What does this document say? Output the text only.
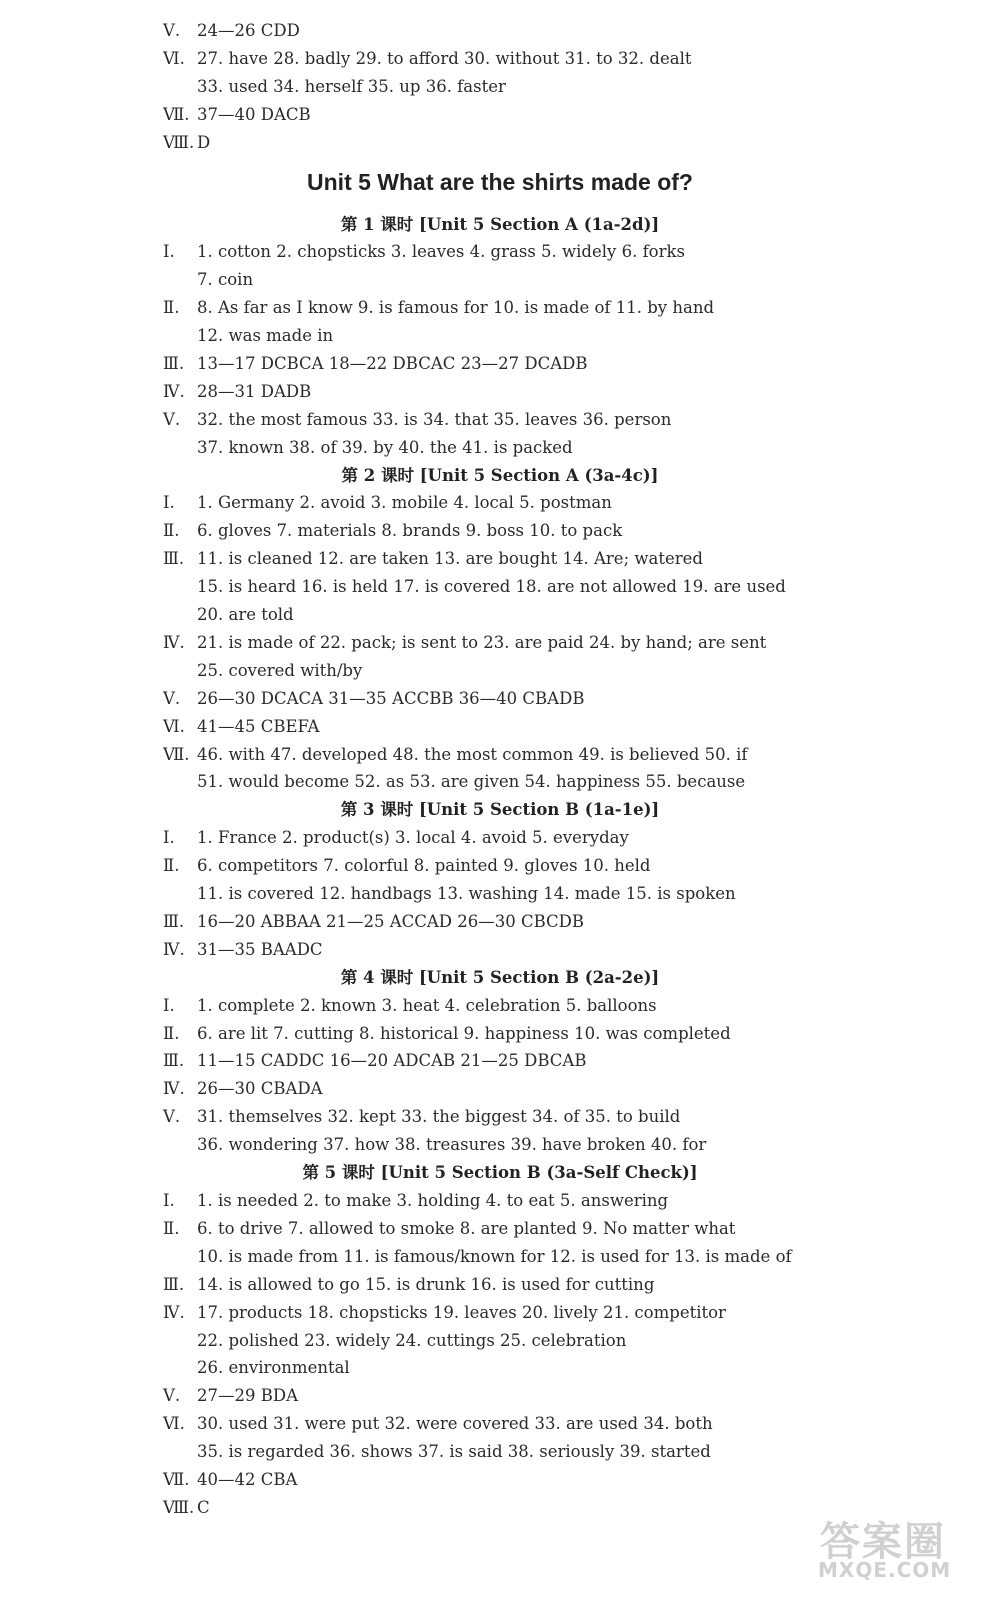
Ⅴ. 24—26 CDD
Ⅵ. 27. have 28. badly 29. to afford 30. without 31. to 32. dealt
33. used 34. herself 35. up 36. faster
Ⅶ. 37—40 DACB
Ⅷ. D
Unit 5 What are the shirts made of?
第 1 课时 [Unit 5 Section A (1a-2d)]
Ⅰ. 1. cotton 2. chopsticks 3. leaves 4. grass 5. widely 6. forks
7. coin
Ⅱ. 8. As far as I know 9. is famous for 10. is made of 11. by hand
12. was made in
Ⅲ. 13—17 DCBCA 18—22 DBCAC 23—27 DCADB
Ⅳ. 28—31 DADB
Ⅴ. 32. the most famous 33. is 34. that 35. leaves 36. person
37. known 38. of 39. by 40. the 41. is packed
第 2 课时 [Unit 5 Section A (3a-4c)]
Ⅰ. 1. Germany 2. avoid 3. mobile 4. local 5. postman
Ⅱ. 6. gloves 7. materials 8. brands 9. boss 10. to pack
Ⅲ. 11. is cleaned 12. are taken 13. are bought 14. Are; watered
15. is heard 16. is held 17. is covered 18. are not allowed 19. are used
20. are told
Ⅳ. 21. is made of 22. pack; is sent to 23. are paid 24. by hand; are sent
25. covered with/by
Ⅴ. 26—30 DCACA 31—35 ACCBB 36—40 CBADB
Ⅵ. 41—45 CBEFA
Ⅶ. 46. with 47. developed 48. the most common 49. is believed 50. if
51. would become 52. as 53. are given 54. happiness 55. because
第 3 课时 [Unit 5 Section B (1a-1e)]
Ⅰ. 1. France 2. product(s) 3. local 4. avoid 5. everyday
Ⅱ. 6. competitors 7. colorful 8. painted 9. gloves 10. held
11. is covered 12. handbags 13. washing 14. made 15. is spoken
Ⅲ. 16—20 ABBAA 21—25 ACCAD 26—30 CBCDB
Ⅳ. 31—35 BAADC
第 4 课时 [Unit 5 Section B (2a-2e)]
Ⅰ. 1. complete 2. known 3. heat 4. celebration 5. balloons
Ⅱ. 6. are lit 7. cutting 8. historical 9. happiness 10. was completed
Ⅲ. 11—15 CADDC 16—20 ADCAB 21—25 DBCAB
Ⅳ. 26—30 CBADA
Ⅴ. 31. themselves 32. kept 33. the biggest 34. of 35. to build
36. wondering 37. how 38. treasures 39. have broken 40. for
第 5 课时 [Unit 5 Section B (3a-Self Check)]
Ⅰ. 1. is needed 2. to make 3. holding 4. to eat 5. answering
Ⅱ. 6. to drive 7. allowed to smoke 8. are planted 9. No matter what
10. is made from 11. is famous/known for 12. is used for 13. is made of
Ⅲ. 14. is allowed to go 15. is drunk 16. is used for cutting
Ⅳ. 17. products 18. chopsticks 19. leaves 20. lively 21. competitor
22. polished 23. widely 24. cuttings 25. celebration
26. environmental
Ⅴ. 27—29 BDA
Ⅵ. 30. used 31. were put 32. were covered 33. are used 34. both
35. is regarded 36. shows 37. is said 38. seriously 39. started
Ⅶ. 40—42 CBA
Ⅷ. C
答案圈
MXQE.COM
